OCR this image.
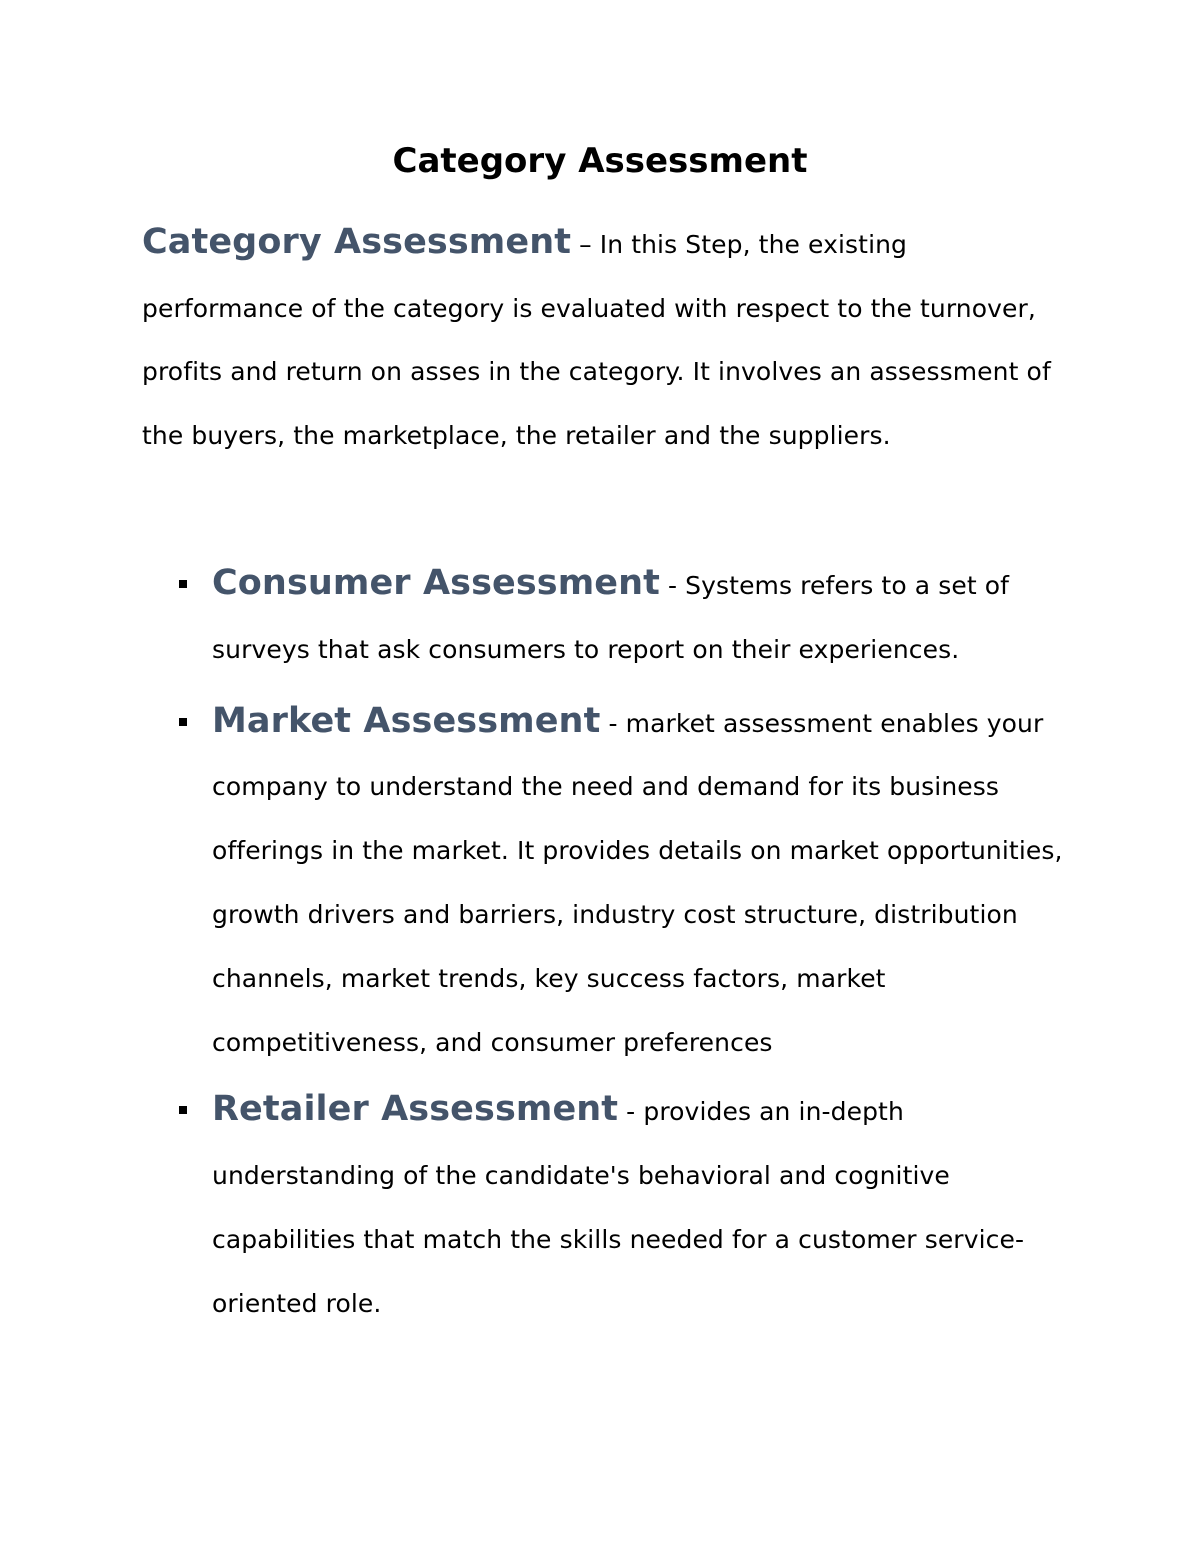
Category Assessment

Category Assessment – In this Step, the existing performance of the category is evaluated with respect to the turnover, profits and return on asses in the category. It involves an assessment of the buyers, the marketplace, the retailer and the suppliers.

Consumer Assessment - Systems refers to a set of surveys that ask consumers to report on their experiences.
Market Assessment - market assessment enables your company to understand the need and demand for its business offerings in the market. It provides details on market opportunities, growth drivers and barriers, industry cost structure, distribution channels, market trends, key success factors, market competitiveness, and consumer preferences
Retailer Assessment - provides an in-depth understanding of the candidate's behavioral and cognitive capabilities that match the skills needed for a customer service-oriented role.
